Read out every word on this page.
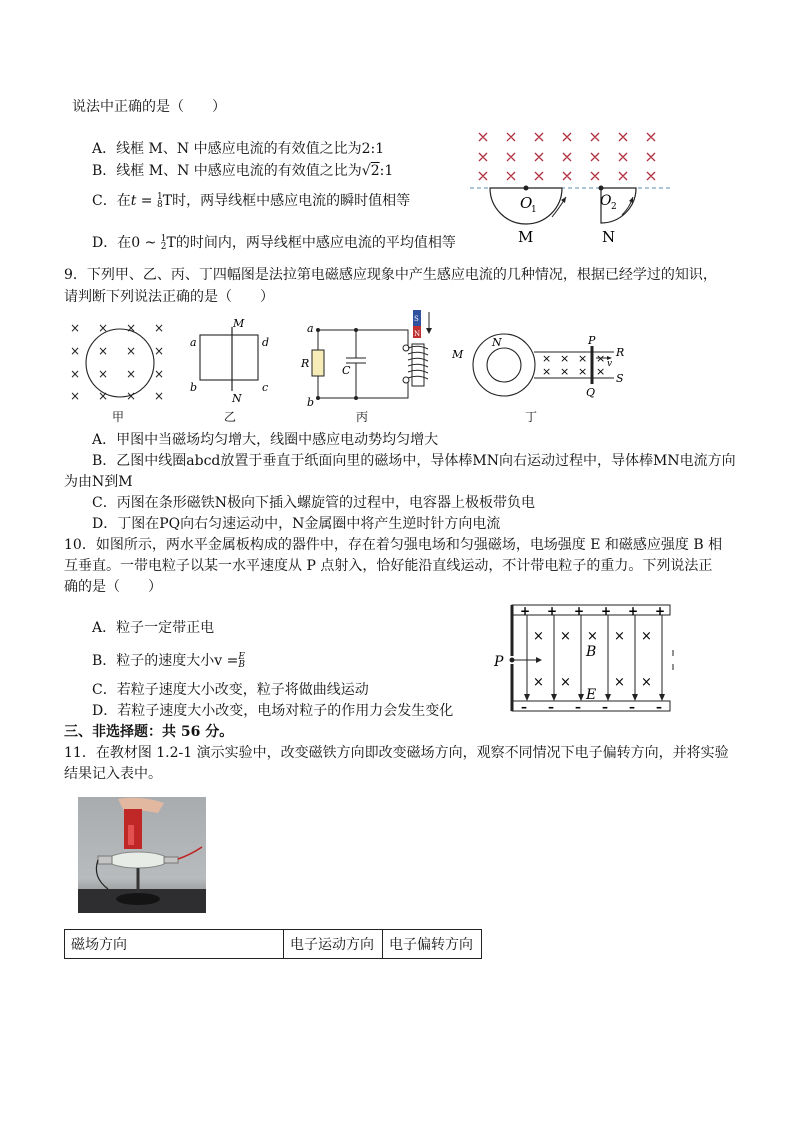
说法中正确的是（　　）
A．线框 M、N 中感应电流的有效值之比为2:1
B．线框 M、N 中感应电流的有效值之比为√2:1
C．在t = 1
8T时，两导线框中感应电流的瞬时值相等
D．在0 ~ 1
2T的时间内，两导线框中感应电流的平均值相等
O
1
O 2
M	N
9．下列甲、乙、丙、丁四幅图是法拉第电磁感应现象中产生感应电流的几种情况，根据已经学过的知识，
请判断下列说法正确的是（　　）
× × × ×
× × × ×
× × × ×
× × × ×
甲
M
N
a
b	c
d
乙
S
N
a
b
R
C
丙
× × × ×
× × × ×
M
N	P
Q
R
S
v
丁
A．甲图中当磁场均匀增大，线圈中感应电动势均匀增大
B．乙图中线圈abcd放置于垂直于纸面向里的磁场中，导体棒MN向右运动过程中，导体棒MN电流方向
为由N到M
C．丙图在条形磁铁N极向下插入螺旋管的过程中，电容器上极板带负电
D．丁图在PQ向右匀速运动中，N金属圈中将产生逆时针方向电流
10．如图所示，两水平金属板构成的器件中，存在着匀强电场和匀强磁场，电场强度 E 和磁感应强度 B 相
互垂直。一带电粒子以某一水平速度从 P 点射入，恰好能沿直线运动，不计带电粒子的重力。下列说法正
确的是（　　）
A．粒子一定带正电
B．粒子的速度大小v =E
B
C．若粒子速度大小改变，粒子将做曲线运动
D．若粒子速度大小改变，电场对粒子的作用力会发生变化
+ + + + + +
– – – – – –
× × × × ×
× ×	× ×
P
B
E
三、非选择题：共 56 分。
11．在教材图 1.2-1 演示实验中，改变磁铁方向即改变磁场方向，观察不同情况下电子偏转方向，并将实验
结果记入表中。
磁场方向	电子运动方向	电子偏转方向
